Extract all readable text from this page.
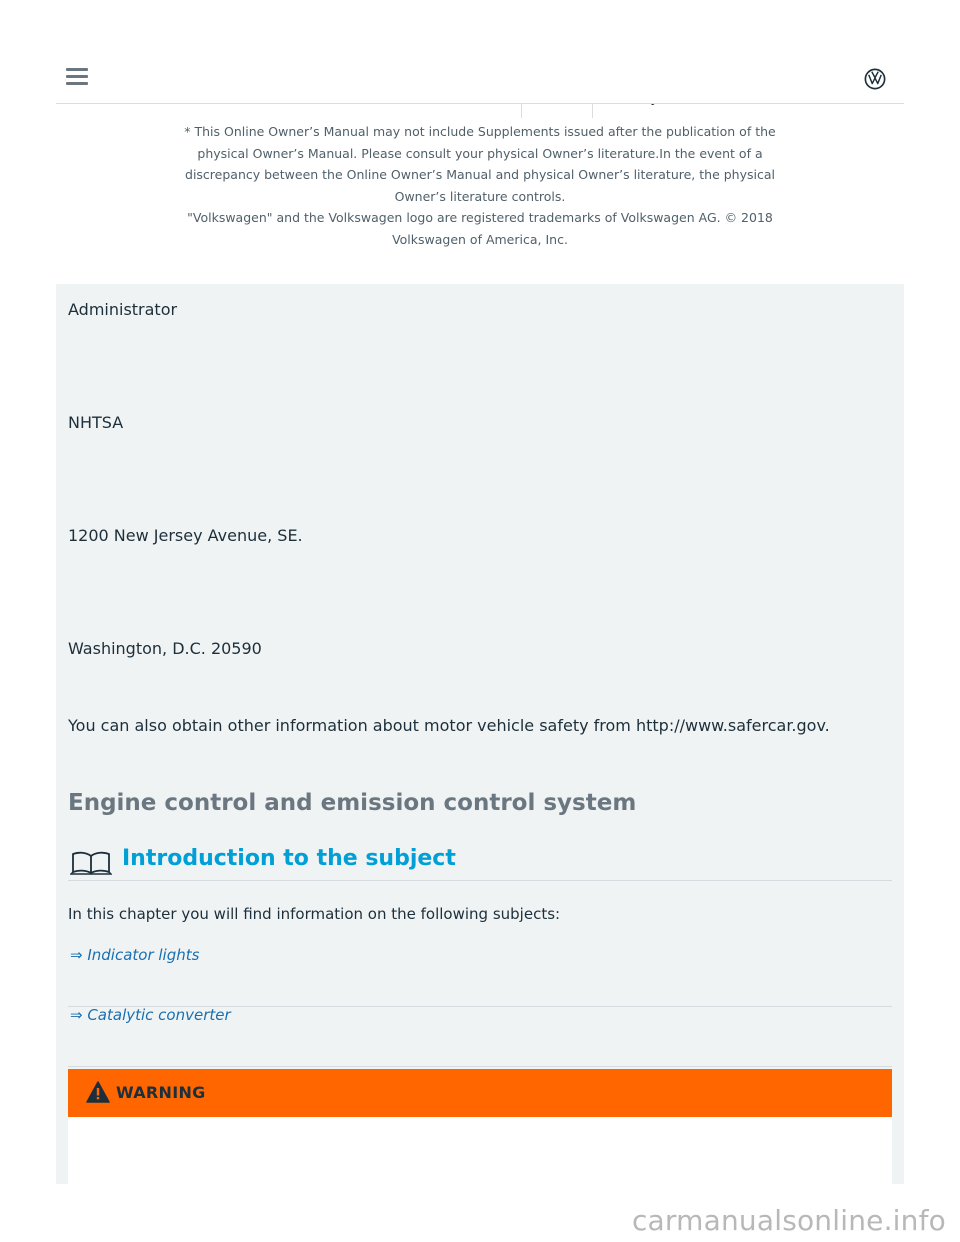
* This Online Owner’s Manual may not include Supplements issued after the publication of the physical Owner’s Manual. Please consult your physical Owner’s literature.In the event of a discrepancy between the Online Owner’s Manual and physical Owner’s literature, the physical Owner’s literature controls.

"Volkswagen" and the Volkswagen logo are registered trademarks of Volkswagen AG. © 2018 Volkswagen of America, Inc.

Administrator
NHTSA
1200 New Jersey Avenue, SE.
Washington, D.C. 20590
You can also obtain other information about motor vehicle safety from http://www.safercar.gov.
Engine control and emission control system
Introduction to the subject
In this chapter you will find information on the following subjects:
⇒ Indicator lights
⇒ Catalytic converter
WARNING
carmanualsonline.info
